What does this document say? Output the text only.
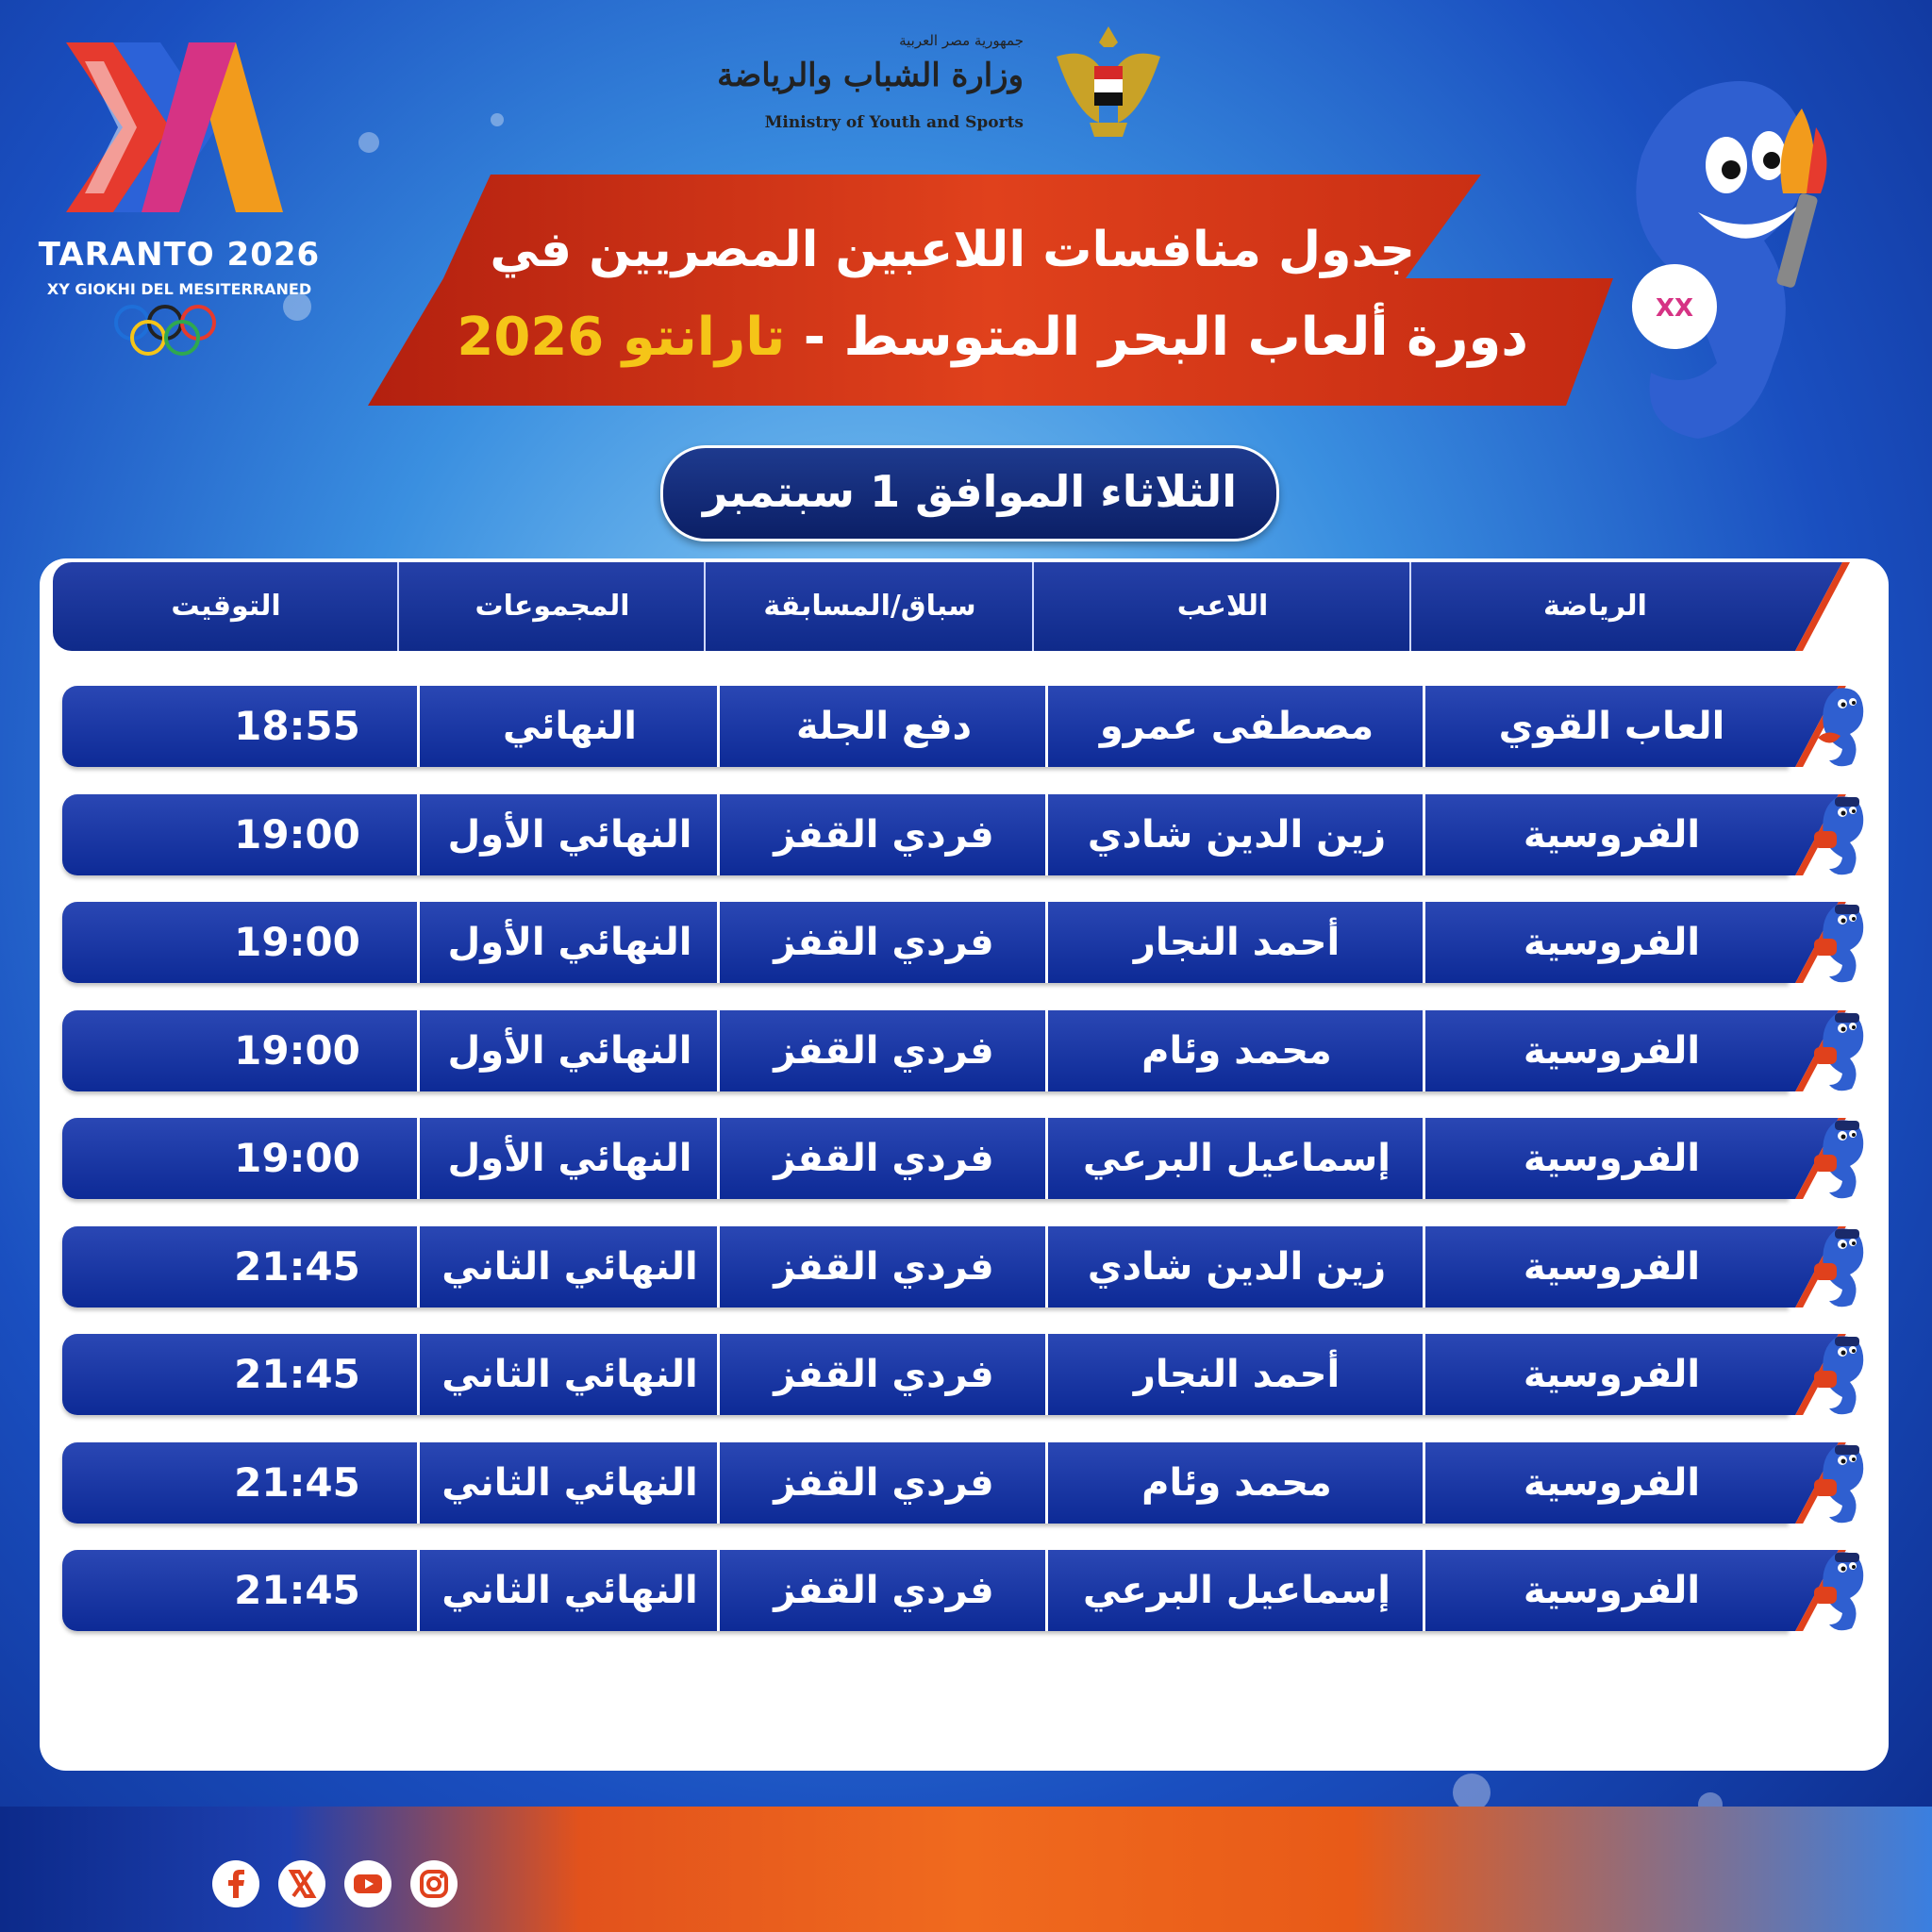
TARANTO 2026
XY GIOKHI DEL MESITERRANED
جمهورية مصر العربية
وزارة الشباب والرياضة
Ministry of Youth and Sports
جدول منافسات اللاعبين المصريين في
دورة ألعاب البحر المتوسط - تارانتو 2026	XX
الثلاثاء الموافق 1 سبتمبر
الرياضة
اللاعب
سباق/المسابقة
المجموعات
التوقيت
العاب القوي
مصطفى عمرو
دفع الجلة
النهائي
18:55
الفروسية
زين الدين شادي
فردي القفز
النهائي الأول
19:00
الفروسية
أحمد النجار
فردي القفز
النهائي الأول
19:00
الفروسية
محمد وئام
فردي القفز
النهائي الأول
19:00
الفروسية
إسماعيل البرعي
فردي القفز
النهائي الأول
19:00
الفروسية
زين الدين شادي
فردي القفز
النهائي الثاني
21:45
الفروسية
أحمد النجار
فردي القفز
النهائي الثاني
21:45
الفروسية
محمد وئام
فردي القفز
النهائي الثاني
21:45
الفروسية
إسماعيل البرعي
فردي القفز
النهائي الثاني
21:45
